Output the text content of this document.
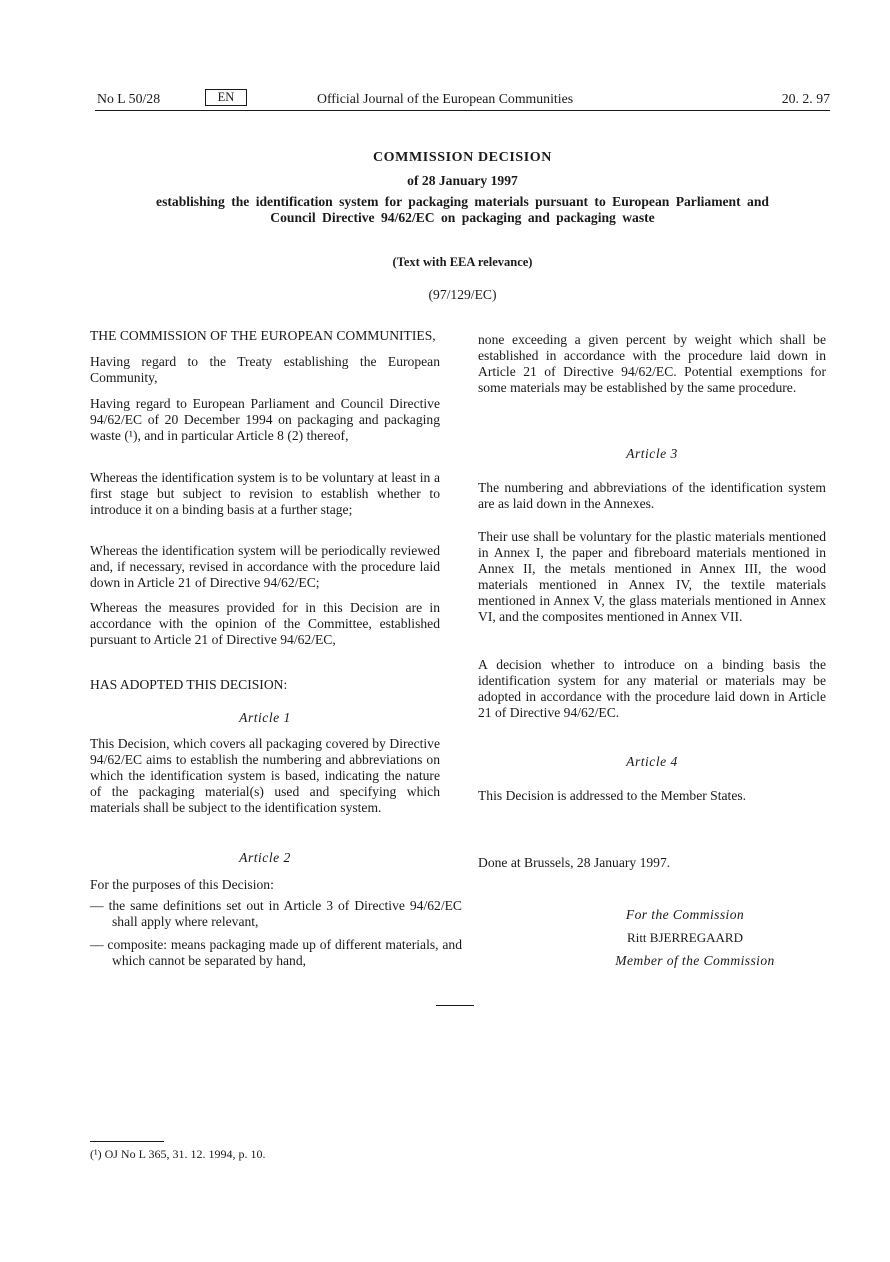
No L 50/28	EN	Official Journal of the European Communities	20. 2. 97
COMMISSION DECISION
of 28 January 1997
establishing the identification system for packaging materials pursuant to European Parliament and Council Directive 94/62/EC on packaging and packaging waste
(Text with EEA relevance)
(97/129/EC)
THE COMMISSION OF THE EUROPEAN COMMUNITIES,
Having regard to the Treaty establishing the European Community,
Having regard to European Parliament and Council Directive 94/62/EC of 20 December 1994 on packaging and packaging waste (¹), and in particular Article 8 (2) thereof,
Whereas the identification system is to be voluntary at least in a first stage but subject to revision to establish whether to introduce it on a binding basis at a further stage;
Whereas the identification system will be periodically reviewed and, if necessary, revised in accordance with the procedure laid down in Article 21 of Directive 94/62/EC;
Whereas the measures provided for in this Decision are in accordance with the opinion of the Committee, established pursuant to Article 21 of Directive 94/62/EC,
HAS ADOPTED THIS DECISION:
Article 1
This Decision, which covers all packaging covered by Directive 94/62/EC aims to establish the numbering and abbreviations on which the identification system is based, indicating the nature of the packaging material(s) used and specifying which materials shall be subject to the identification system.
Article 2
For the purposes of this Decision:
— the same definitions set out in Article 3 of Directive 94/62/EC shall apply where relevant,
— composite: means packaging made up of different materials, and which cannot be separated by hand,
none exceeding a given percent by weight which shall be established in accordance with the procedure laid down in Article 21 of Directive 94/62/EC. Potential exemptions for some materials may be established by the same procedure.
Article 3
The numbering and abbreviations of the identification system are as laid down in the Annexes.
Their use shall be voluntary for the plastic materials mentioned in Annex I, the paper and fibreboard materials mentioned in Annex II, the metals mentioned in Annex III, the wood materials mentioned in Annex IV, the textile materials mentioned in Annex V, the glass materials mentioned in Annex VI, and the composites mentioned in Annex VII.
A decision whether to introduce on a binding basis the identification system for any material or materials may be adopted in accordance with the procedure laid down in Article 21 of Directive 94/62/EC.
Article 4
This Decision is addressed to the Member States.
Done at Brussels, 28 January 1997.
For the Commission
Ritt BJERREGAARD
Member of the Commission
(¹) OJ No L 365, 31. 12. 1994, p. 10.
